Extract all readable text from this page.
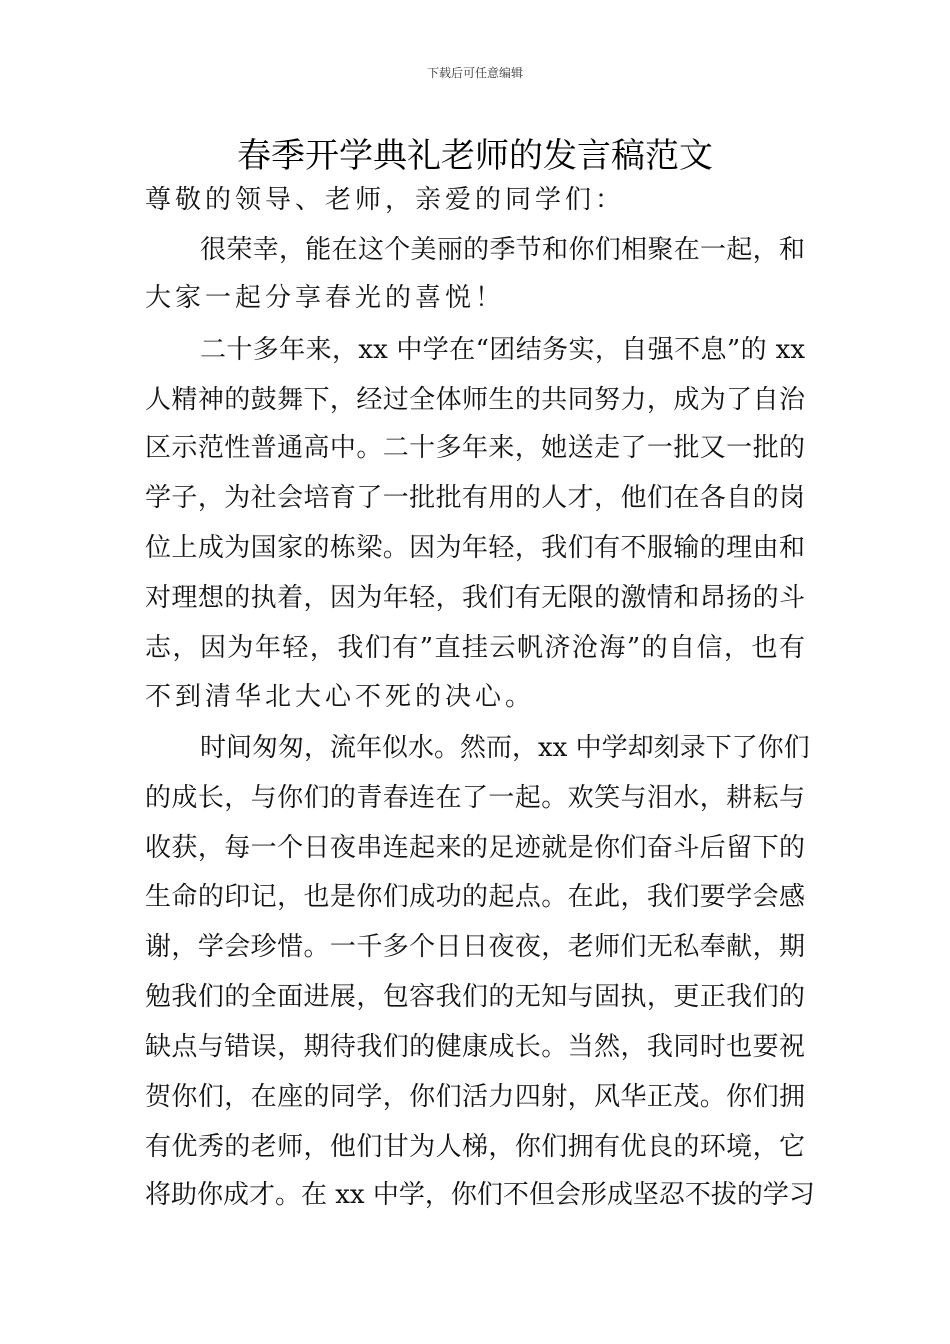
下载后可任意编辑
春季开学典礼老师的发言稿范文
尊敬的领导、老师，亲爱的同学们：
很荣幸，能在这个美丽的季节和你们相聚在一起，和
大家一起分享春光的喜悦！
二十多年来，xx 中学在“团结务实，自强不息”的 xx
人精神的鼓舞下，经过全体师生的共同努力，成为了自治
区示范性普通高中。二十多年来，她送走了一批又一批的
学子，为社会培育了一批批有用的人才，他们在各自的岗
位上成为国家的栋梁。因为年轻，我们有不服输的理由和
对理想的执着，因为年轻，我们有无限的激情和昂扬的斗
志，因为年轻，我们有”直挂云帆济沧海”的自信，也有
不到清华北大心不死的决心。
时间匆匆，流年似水。然而，xx 中学却刻录下了你们
的成长，与你们的青春连在了一起。欢笑与泪水，耕耘与
收获，每一个日夜串连起来的足迹就是你们奋斗后留下的
生命的印记，也是你们成功的起点。在此，我们要学会感
谢，学会珍惜。一千多个日日夜夜，老师们无私奉献，期
勉我们的全面进展，包容我们的无知与固执，更正我们的
缺点与错误，期待我们的健康成长。当然，我同时也要祝
贺你们，在座的同学，你们活力四射，风华正茂。你们拥
有优秀的老师，他们甘为人梯，你们拥有优良的环境，它
将助你成才。在 xx 中学，你们不但会形成坚忍不拔的学习
